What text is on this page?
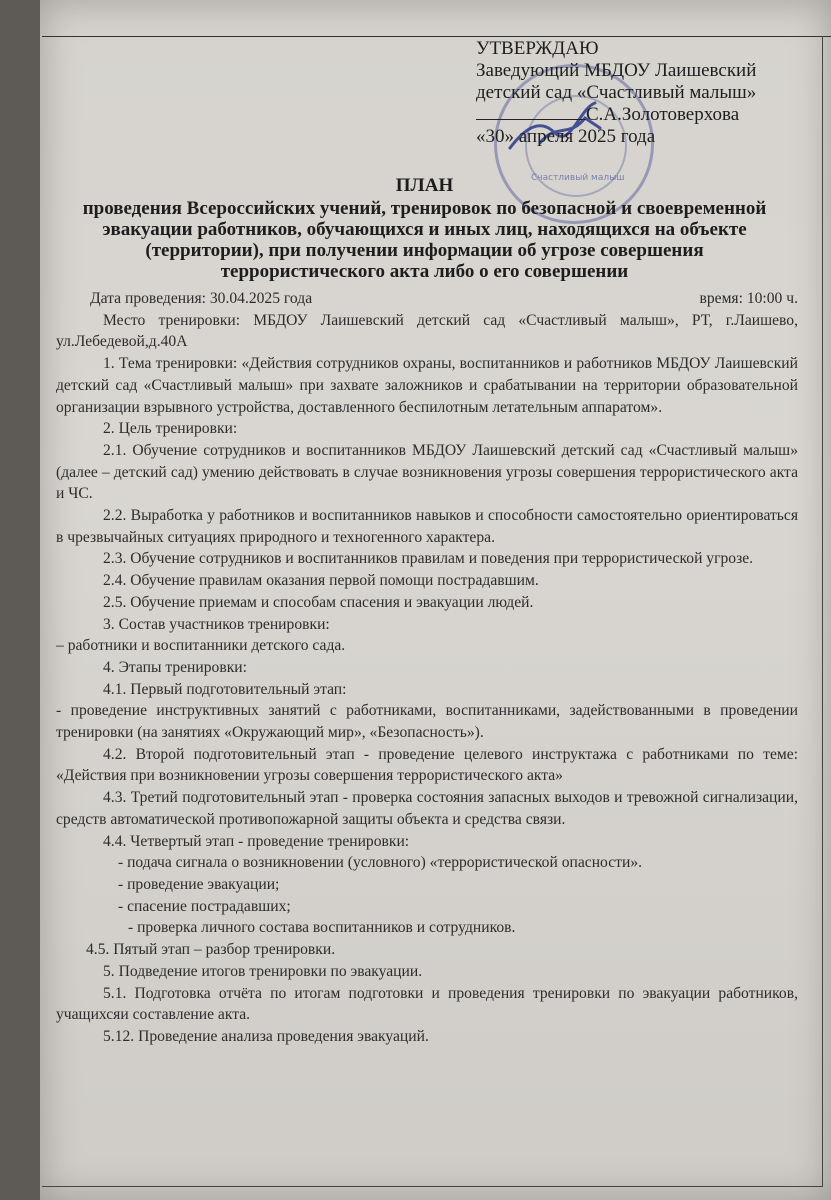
Счастливый малыш
УТВЕРЖДАЮ
Заведующий МБДОУ Лаишевский
детский сад «Счастливый малыш»
С.А.Золотоверхова
«30» апреля 2025 года
ПЛАН
проведения Всероссийских учений, тренировок по безопасной и своевременной
эвакуации работников, обучающихся и иных лиц, находящихся на объекте
(территории), при получении информации об угрозе совершения
террористического акта либо о его совершении
Дата проведения: 30.04.2025 года	время: 10:00 ч.

Место тренировки: МБДОУ Лаишевский детский сад «Счастливый малыш», РТ, г.Лаишево, ул.Лебедевой,д.40А

1. Тема тренировки: «Действия сотрудников охраны, воспитанников и работников МБДОУ Лаишевский детский сад «Счастливый малыш» при захвате заложников и срабатывании на территории образовательной организации взрывного устройства, доставленного беспилотным летательным аппаратом».

2. Цель тренировки:

2.1. Обучение сотрудников и воспитанников МБДОУ Лаишевский детский сад «Счастливый малыш» (далее – детский сад) умению действовать в случае возникновения угрозы совершения террористического акта и ЧС.

2.2. Выработка у работников и воспитанников навыков и способности самостоятельно ориентироваться в чрезвычайных ситуациях природного и техногенного характера.

2.3. Обучение сотрудников и воспитанников правилам и поведения при террористической угрозе.

2.4. Обучение правилам оказания первой помощи пострадавшим.

2.5. Обучение приемам и способам спасения и эвакуации людей.

3. Состав участников тренировки:

– работники и воспитанники детского сада.

4. Этапы тренировки:

4.1. Первый подготовительный этап:

- проведение инструктивных занятий с работниками, воспитанниками, задействованными в проведении тренировки (на занятиях «Окружающий мир», «Безопасность»).

4.2. Второй подготовительный этап - проведение целевого инструктажа с работниками по теме: «Действия при возникновении угрозы совершения террористического акта»

4.3. Третий подготовительный этап - проверка состояния запасных выходов и тревожной сигнализации, средств автоматической противопожарной защиты объекта и средства связи.

4.4. Четвертый этап - проведение тренировки:

- подача сигнала о возникновении (условного) «террористической опасности».

- проведение эвакуации;

- спасение пострадавших;

- проверка личного состава воспитанников и сотрудников.

4.5. Пятый этап – разбор тренировки.

5. Подведение итогов тренировки по эвакуации.

5.1. Подготовка отчёта по итогам подготовки и проведения тренировки по эвакуации работников, учащихсяи составление акта.

5.12. Проведение анализа проведения эвакуаций.
